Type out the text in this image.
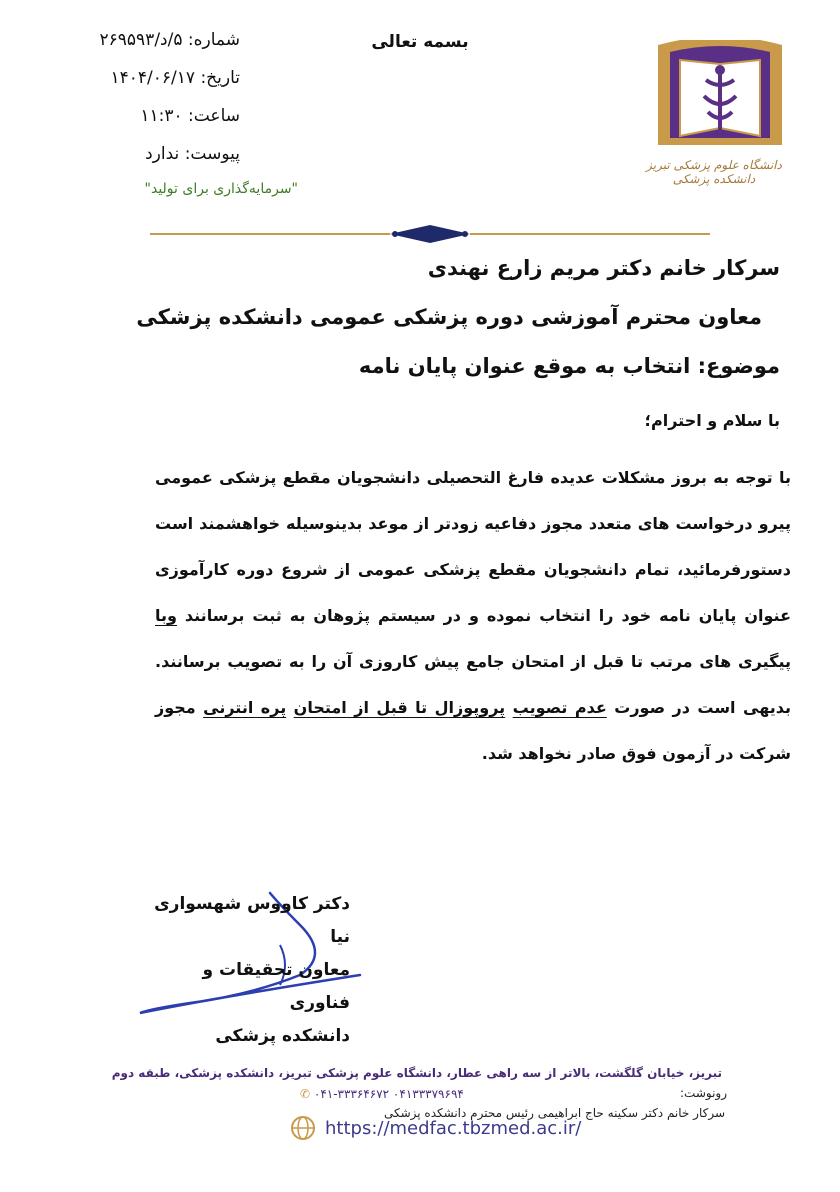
بسمه تعالی
شماره: ۵/د/۲۶۹۵۹۳
تاریخ: ۱۴۰۴/۰۶/۱۷
ساعت: ۱۱:۳۰
پیوست: ندارد
"سرمایه‌گذاری برای تولید"
دانشگاه علوم پزشکی تبریز
دانشکده پزشکی
سرکار خانم دکتر مریم زارع نهندی
معاون محترم آموزشی دوره پزشکی عمومی دانشکده پزشکی
موضوع: انتخاب به موقع عنوان پایان نامه
با سلام و احترام؛
با توجه به بروز مشکلات عدیده فارغ التحصیلی دانشجویان مقطع پزشکی عمومی پیرو درخواست های متعدد مجوز دفاعیه زودتر از موعد بدینوسیله خواهشمند است دستورفرمائید، تمام دانشجویان مقطع پزشکی عمومی از شروع دوره کارآموزی عنوان پایان نامه خود را انتخاب نموده و در سیستم پژوهان به ثبت برسانند وبا پیگیری های مرتب تا قبل از امتحان جامع پیش کاروزی آن را به تصویب برسانند. بدیهی است در صورت عدم تصویب پروپوزال تا قبل از امتحان پره انترنی مجوز شرکت در آزمون فوق صادر نخواهد شد.
دکتر کاووس شهسواری نیا
معاون تحقیقات و فناوری
دانشکده پزشکی
تبریز، خیابان گلگشت، بالاتر از سه راهی عطار، دانشگاه علوم پزشکی تبریز، دانشکده پزشکی، طبقه دوم
رونوشت:
✆ ۰۴۱-۳۳۳۶۴۶۷۲ ۰۴۱۳۳۳۷۹۶۹۴
سرکار خانم دکتر سکینه حاج ابراهیمی رئیس محترم دانشکده پزشکی
https://medfac.tbzmed.ac.ir/
